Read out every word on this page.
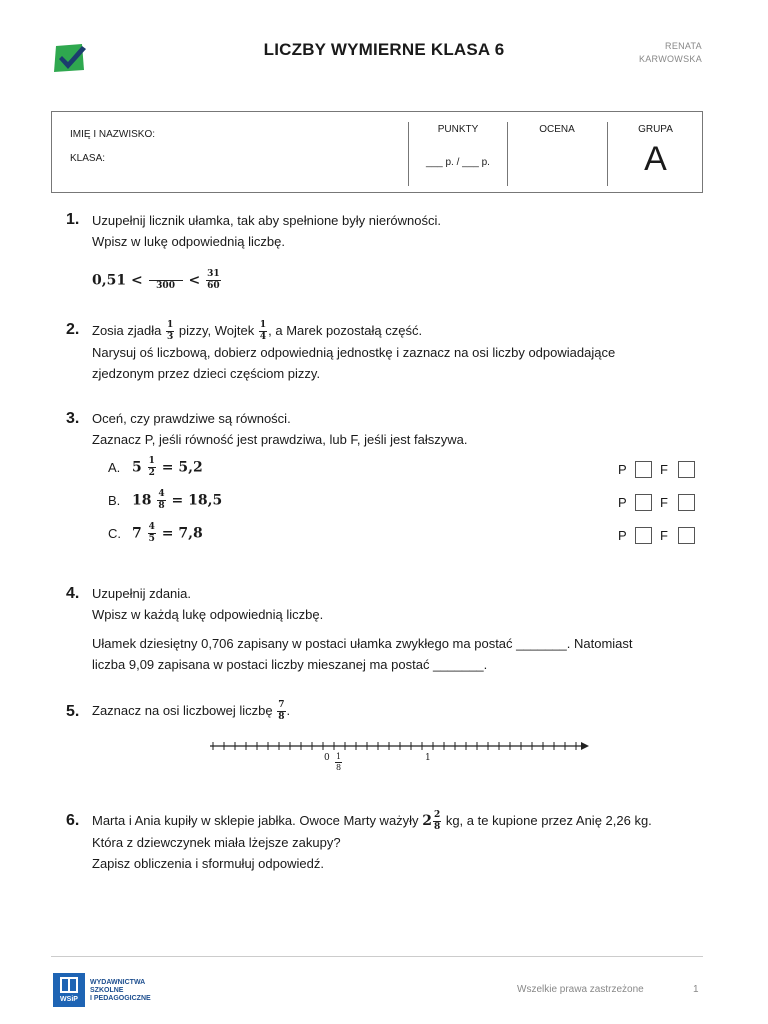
LICZBY WYMIERNE KLASA 6	RENATA
KARWOWSKA
IMIĘ I NAZWISKO:
KLASA:
PUNKTY
___ p. / ___ p.
OCENA	GRUPA
A
1. Uzupełnij licznik ułamka, tak aby spełnione były nierówności.
Wpisz w lukę odpowiednią liczbę.
0,51 <	$300 < \frac{31}{60}$
2. Zosia zjadła $\frac{1}{3}$ pizzy, Wojtek $\frac{1}{4}$ , a Marek pozostałą część.
Narysuj oś liczbową, dobierz odpowiednią jednostkę i zaznacz na osi liczby odpowiadające
zjedzonym przez dzieci częściom pizzy.
3. Oceń, czy prawdziwe są równości.
Zaznacz P, jeśli równość jest prawdziwa, lub F, jeśli jest fałszywa.
A. $5 \frac{1}{2} = 5,2$	P	F
B. $18 \frac{4}{8} = 18,5$	P	F
C. $7 \frac{4}{5} = 7,8$	P	F
4. Uzupełnij zdania.
Wpisz w każdą lukę odpowiednią liczbę.
Ułamek dziesiętny 0,706 zapisany w postaci ułamka zwykłego ma postać _______. Natomiast
liczba 9,09 zapisana w postaci liczby mieszanej ma postać _______.
5. Zaznacz na osi liczbowej liczbę $\frac{7}{8}$ .
$0 \frac{1}{8}$	1
6. Marta i Ania kupiły w sklepie jabłka. Owoce Marty ważyły $2 \frac{2}{8}$ kg, a te kupione przez Anię 2,26 kg.
Która z dziewczynek miała lżejsze zakupy?
Zapisz obliczenia i sformułuj odpowiedź.
WSiP
WYDAWNICTWA
SZKOLNE
I PEDAGOGICZNE
Wszelkie prawa zastrzeżone	1
